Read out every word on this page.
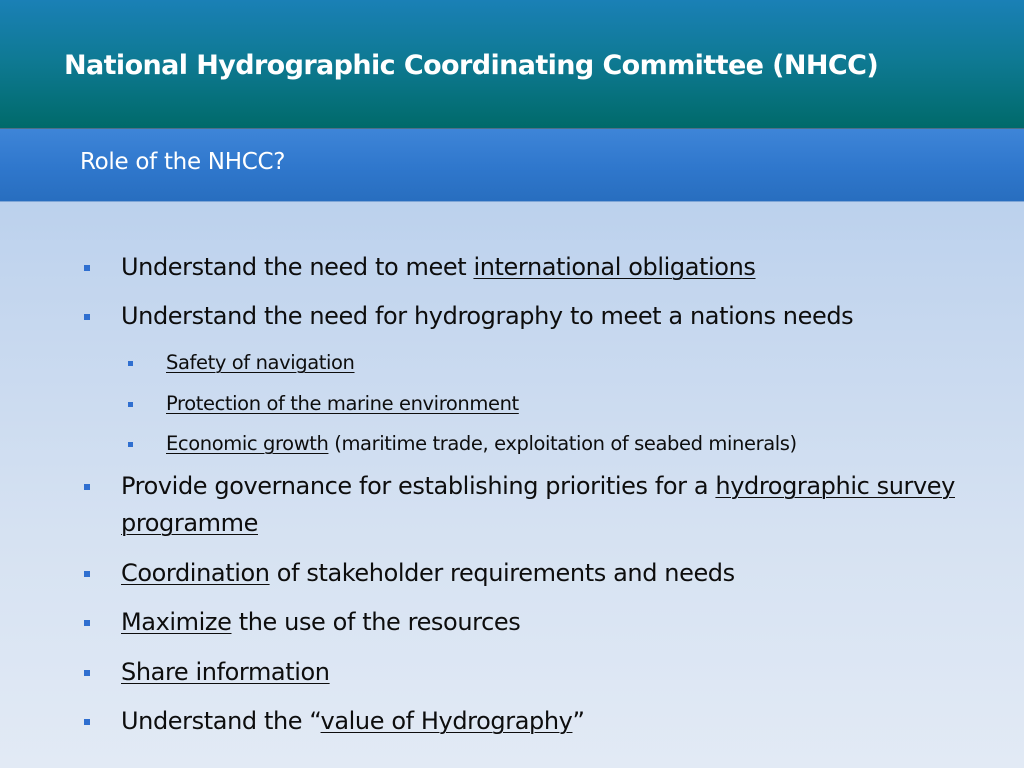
National Hydrographic Coordinating Committee (NHCC)
Role of the NHCC?
Understand the need to meet international obligations
Understand the need for hydrography to meet a nations needs
Safety of navigation
Protection of the marine environment
Economic growth (maritime trade, exploitation of seabed minerals)
Provide governance for establishing priorities for a hydrographic survey programme
Coordination of stakeholder requirements and needs
Maximize the use of the resources
Share information
Understand the “value of Hydrography”
